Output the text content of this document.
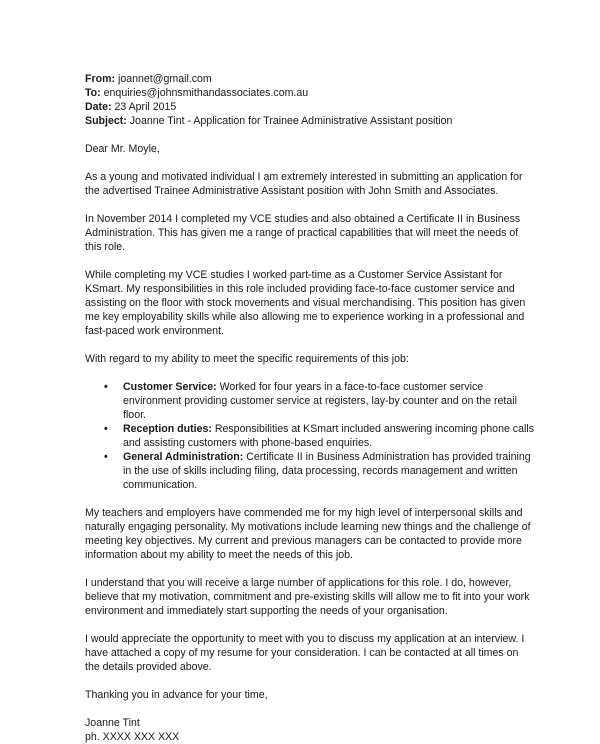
From: joannet@gmail.com

To: enquiries@johnsmithandassociates.com.au

Date: 23 April 2015

Subject: Joanne Tint - Application for Trainee Administrative Assistant position

Dear Mr. Moyle,

As a young and motivated individual I am extremely interested in submitting an application for the advertised Trainee Administrative Assistant position with John Smith and Associates.

In November 2014 I completed my VCE studies and also obtained a Certificate II in Business Administration. This has given me a range of practical capabilities that will meet the needs of this role.

While completing my VCE studies I worked part-time as a Customer Service Assistant for KSmart. My responsibilities in this role included providing face-to-face customer service and assisting on the floor with stock movements and visual merchandising. This position has given me key employability skills while also allowing me to experience working in a professional and fast-paced work environment.

With regard to my ability to meet the specific requirements of this job:

• Customer Service: Worked for four years in a face-to-face customer service environment providing customer service at registers, lay-by counter and on the retail floor.
• Reception duties: Responsibilities at KSmart included answering incoming phone calls and assisting customers with phone-based enquiries.
• General Administration: Certificate II in Business Administration has provided training in the use of skills including filing, data processing, records management and written communication.

My teachers and employers have commended me for my high level of interpersonal skills and naturally engaging personality. My motivations include learning new things and the challenge of meeting key objectives. My current and previous managers can be contacted to provide more information about my ability to meet the needs of this job.

I understand that you will receive a large number of applications for this role. I do, however, believe that my motivation, commitment and pre-existing skills will allow me to fit into your work environment and immediately start supporting the needs of your organisation.

I would appreciate the opportunity to meet with you to discuss my application at an interview. I have attached a copy of my resume for your consideration. I can be contacted at all times on the details provided above.

Thanking you in advance for your time,

Joanne Tint

ph. XXXX XXX XXX
